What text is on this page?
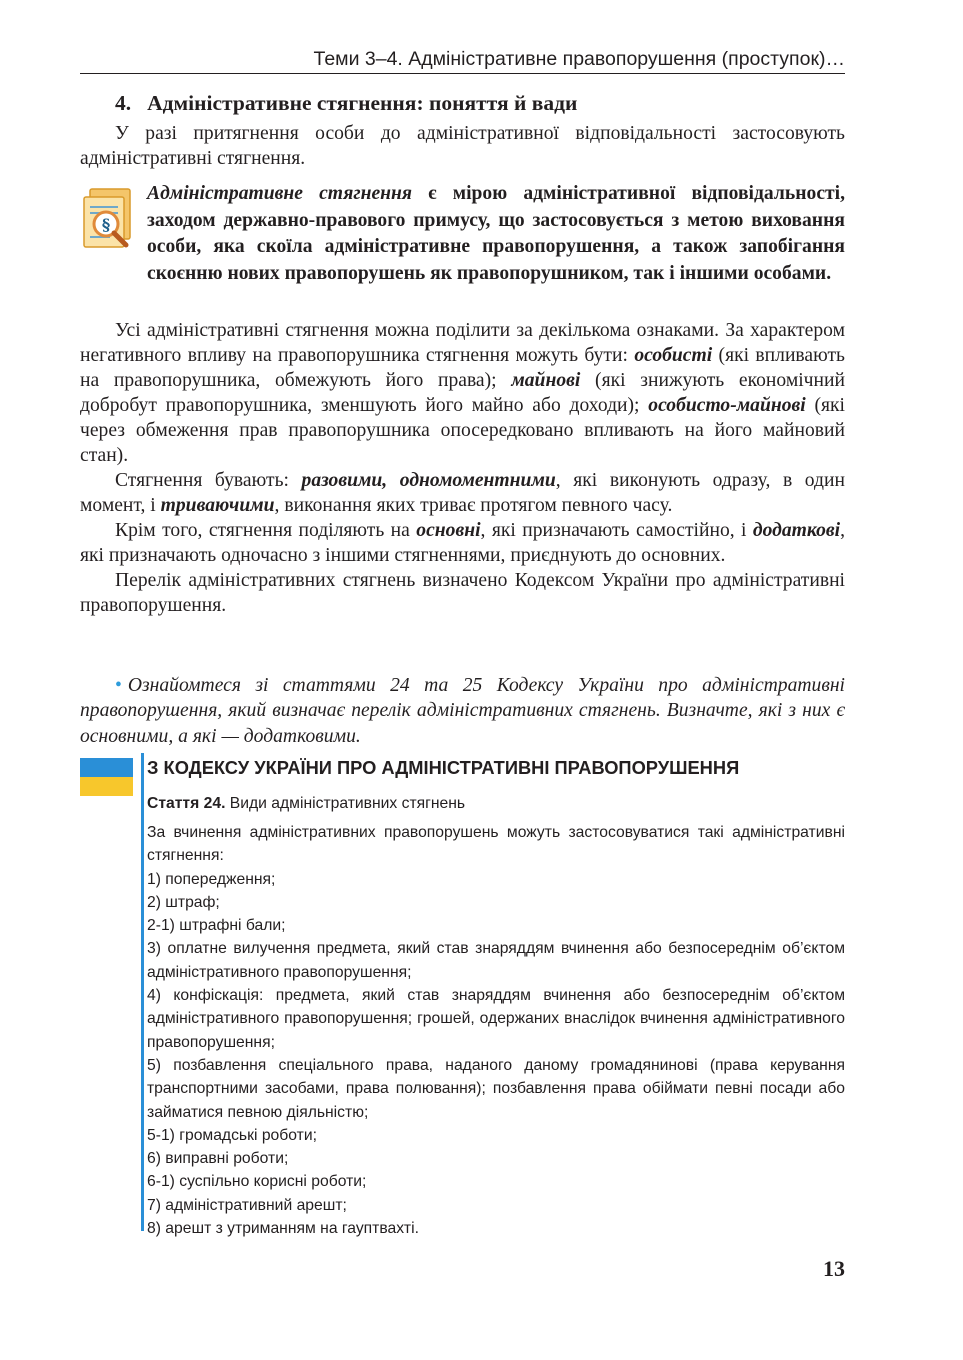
Теми 3–4. Адміністративне правопорушення (проступок)…
4. Адміністративне стягнення: поняття й вади

У разі притягнення особи до адміністративної відповідальності застосовують адміністративні стягнення.

§
Адміністративне стягнення є мірою адміністративної відповідальності, заходом державно-правового примусу, що застосовується з метою виховання особи, яка скоїла адміністративне правопорушення, а також запобігання скоєнню нових правопорушень як правопорушником, так і іншими особами.

Усі адміністративні стягнення можна поділити за декількома ознаками. За характером негативного впливу на правопорушника стягнення можуть бути: особисті (які впливають на правопорушника, обмежують його права); майнові (які знижують економічний добробут правопорушника, зменшують його майно або доходи); особисто-майнові (які через обмеження прав правопорушника опосередковано впливають на його майновий стан).

Стягнення бувають: разовими, одномоментними, які виконують одразу, в один момент, і триваючими, виконання яких триває протягом певного часу.

Крім того, стягнення поділяють на основні, які призначають самостійно, і додаткові, які призначають одночасно з іншими стягненнями, приєднують до основних.

Перелік адміністративних стягнень визначено Кодексом України про адміністративні правопорушення.

• Ознайомтеся зі статтями 24 та 25 Кодексу України про адміністративні правопорушення, який визначає перелік адміністративних стягнень. Визначте, які з них є основними, а які — додатковими.

З КОДЕКСУ УКРАЇНИ ПРО АДМІНІСТРАТИВНІ ПРАВОПОРУШЕННЯ

Стаття 24. Види адміністративних стягнень

За вчинення адміністративних правопорушень можуть застосовуватися такі адміністративні стягнення:

1) попередження;
2) штраф;
2-1) штрафні бали;
3) оплатне вилучення предмета, який став знаряддям вчинення або безпосереднім об’єктом адміністративного правопорушення;
4) конфіскація: предмета, який став знаряддям вчинення або безпосереднім об’єктом адміністративного правопорушення; грошей, одержаних внаслідок вчинення адміністративного правопорушення;
5) позбавлення спеціального права, наданого даному громадянинові (права керування транспортними засобами, права полювання); позбавлення права обіймати певні посади або займатися певною діяльністю;
5-1) громадські роботи;
6) виправні роботи;
6-1) суспільно корисні роботи;
7) адміністративний арешт;
8) арешт з утриманням на гауптвахті.
13
